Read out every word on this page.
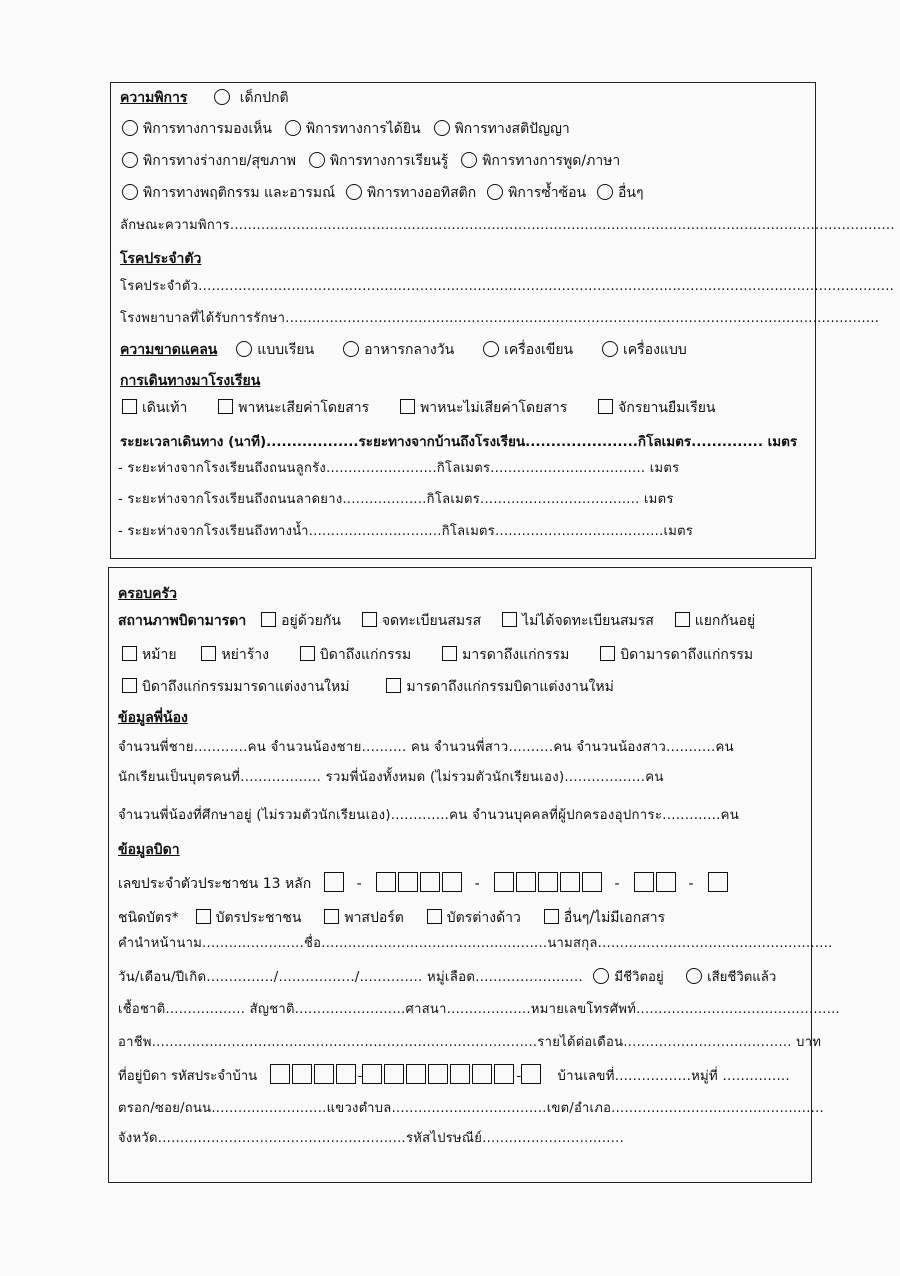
ความพิการ	เด็กปกติ
พิการทางการมองเห็น พิการทางการได้ยิน พิการทางสติปัญญา
พิการทางร่างกาย/สุขภาพ พิการทางการเรียนรู้ พิการทางการพูด/ภาษา
พิการทางพฤติกรรม และอารมณ์ พิการทางออทิสติก พิการซ้ำซ้อน อื่นๆ
ลักษณะความพิการ......................................................................................................................................................
โรคประจำตัว
โรคประจำตัว.............................................................................................................................................................
โรงพยาบาลที่ได้รับการรักษา......................................................................................................................................
ความขาดแคลน	แบบเรียน	อาหารกลางวัน	เครื่องเขียน	เครื่องแบบ
การเดินทางมาโรงเรียน
เดินเท้า	พาหนะเสียค่าโดยสาร	พาหนะไม่เสียค่าโดยสาร	จักรยานยืมเรียน
ระยะเวลาเดินทาง (นาที)..................ระยะทางจากบ้านถึงโรงเรียน......................กิโลเมตร.............. เมตร
- ระยะห่างจากโรงเรียนถึงถนนลูกรัง.........................กิโลเมตร................................... เมตร
- ระยะห่างจากโรงเรียนถึงถนนลาดยาง...................กิโลเมตร.................................... เมตร
- ระยะห่างจากโรงเรียนถึงทางน้ำ..............................กิโลเมตร......................................เมตร
ครอบครัว
สถานภาพบิดามารดา อยู่ด้วยกัน	จดทะเบียนสมรส	ไม่ได้จดทะเบียนสมรส	แยกกันอยู่
หม้าย	หย่าร้าง	บิดาถึงแก่กรรม	มารดาถึงแก่กรรม	บิดามารดาถึงแก่กรรม
บิดาถึงแก่กรรมมารดาแต่งงานใหม่	มารดาถึงแก่กรรมบิดาแต่งงานใหม่
ข้อมูลพี่น้อง
จำนวนพี่ชาย............คน จำนวนน้องชาย.......... คน จำนวนพี่สาว..........คน จำนวนน้องสาว...........คน
นักเรียนเป็นบุตรคนที่.................. รวมพี่น้องทั้งหมด (ไม่รวมตัวนักเรียนเอง)..................คน
จำนวนพี่น้องที่ศึกษาอยู่ (ไม่รวมตัวนักเรียนเอง).............คน จำนวนบุคคลที่ผู้ปกครองอุปการะ.............คน
ข้อมูลบิดา
เลขประจำตัวประชาชน 13 หลัก	-	-	-	-
ชนิดบัตร*	บัตรประชาชน	พาสปอร์ต	บัตรต่างด้าว	อื่นๆ/ไม่มีเอกสาร
คำนำหน้านาม.......................ชื่อ...................................................นามสกุล.....................................................
วัน/เดือน/ปีเกิด.............../................./.............. หมู่เลือด........................ มีชีวิตอยู่	เสียชีวิตแล้ว
เชื้อชาติ.................. สัญชาติ.........................ศาสนา...................หมายเลขโทรศัพท์..............................................
อาชีพ.......................................................................................รายได้ต่อเดือน...................................... บาท
ที่อยู่บิดา รหัสประจำบ้าน	-	-	บ้านเลขที่.................หมู่ที่ ...............
ตรอก/ซอย/ถนน..........................แขวงตำบล...................................เขต/อำเภอ................................................
จังหวัด........................................................รหัสไปรษณีย์................................
